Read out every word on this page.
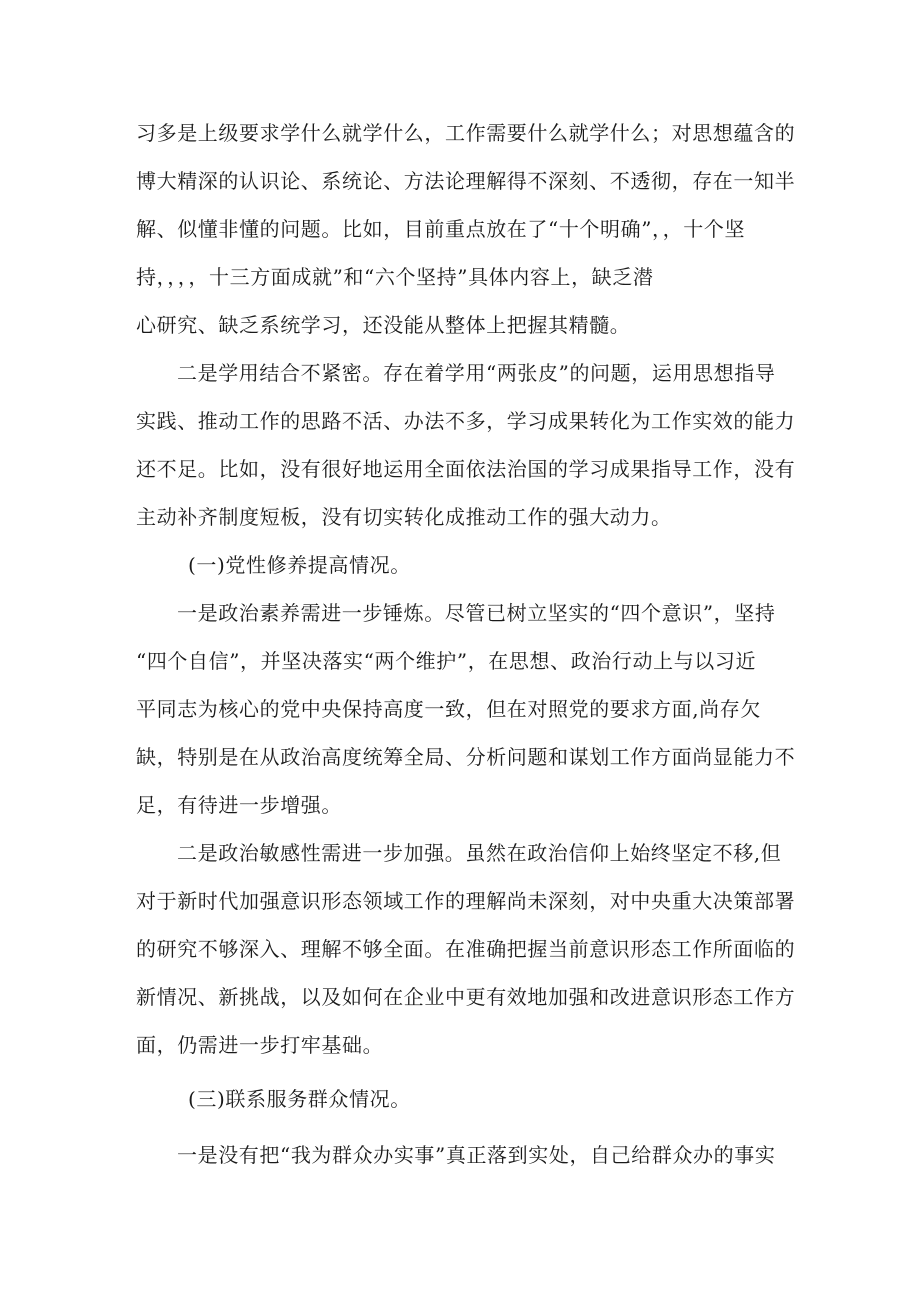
习多是上级要求学什么就学什么，工作需要什么就学什么；对思想蕴含的
博大精深的认识论、系统论、方法论理解得不深刻、不透彻，存在一知半
解、似懂非懂的问题。比如，目前重点放在了“十个明确”，，十个坚
持，，，，十三方面成就”和“六个坚持”具体内容上，缺乏潜
心研究、缺乏系统学习，还没能从整体上把握其精髓。
二是学用结合不紧密。存在着学用“两张皮”的问题，运用思想指导
实践、推动工作的思路不活、办法不多，学习成果转化为工作实效的能力
还不足。比如，没有很好地运用全面依法治国的学习成果指导工作，没有
主动补齐制度短板，没有切实转化成推动工作的强大动力。
(一)党性修养提高情况。
一是政治素养需进一步锤炼。尽管已树立坚实的“四个意识”，坚持
“四个自信”，并坚决落实“两个维护”，在思想、政治行动上与以习近
平同志为核心的党中央保持高度一致，但在对照党的要求方面,尚存欠
缺，特别是在从政治高度统筹全局、分析问题和谋划工作方面尚显能力不
足，有待进一步增强。
二是政治敏感性需进一步加强。虽然在政治信仰上始终坚定不移,但
对于新时代加强意识形态领域工作的理解尚未深刻，对中央重大决策部署
的研究不够深入、理解不够全面。在准确把握当前意识形态工作所面临的
新情况、新挑战，以及如何在企业中更有效地加强和改进意识形态工作方
面，仍需进一步打牢基础。
(三)联系服务群众情况。
一是没有把“我为群众办实事”真正落到实处，自己给群众办的事实
